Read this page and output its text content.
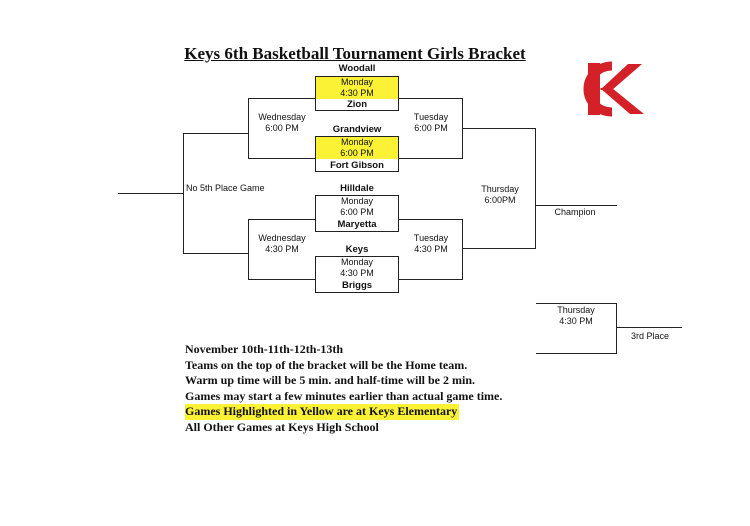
Keys 6th Basketball Tournament Girls Bracket
Woodall
Monday
4:30 PM
Zion
Grandview
Monday
6:00 PM
Fort Gibson
Hilldale
Monday
6:00 PM
Maryetta
Keys
Monday
4:30 PM
Briggs
Wednesday
6:00 PM
Wednesday
4:30 PM
Tuesday
6:00 PM
Tuesday
4:30 PM
No 5th Place Game	Thursday
6:00PM
Champion
Thursday
4:30 PM
3rd Place
November 10th-11th-12th-13th
Teams on the top of the bracket will be the Home team.
Warm up time will be 5 min. and half-time will be 2 min.
Games may start a few minutes earlier than actual game time.
Games Highlighted in Yellow are at Keys Elementary
All Other Games at Keys High School
